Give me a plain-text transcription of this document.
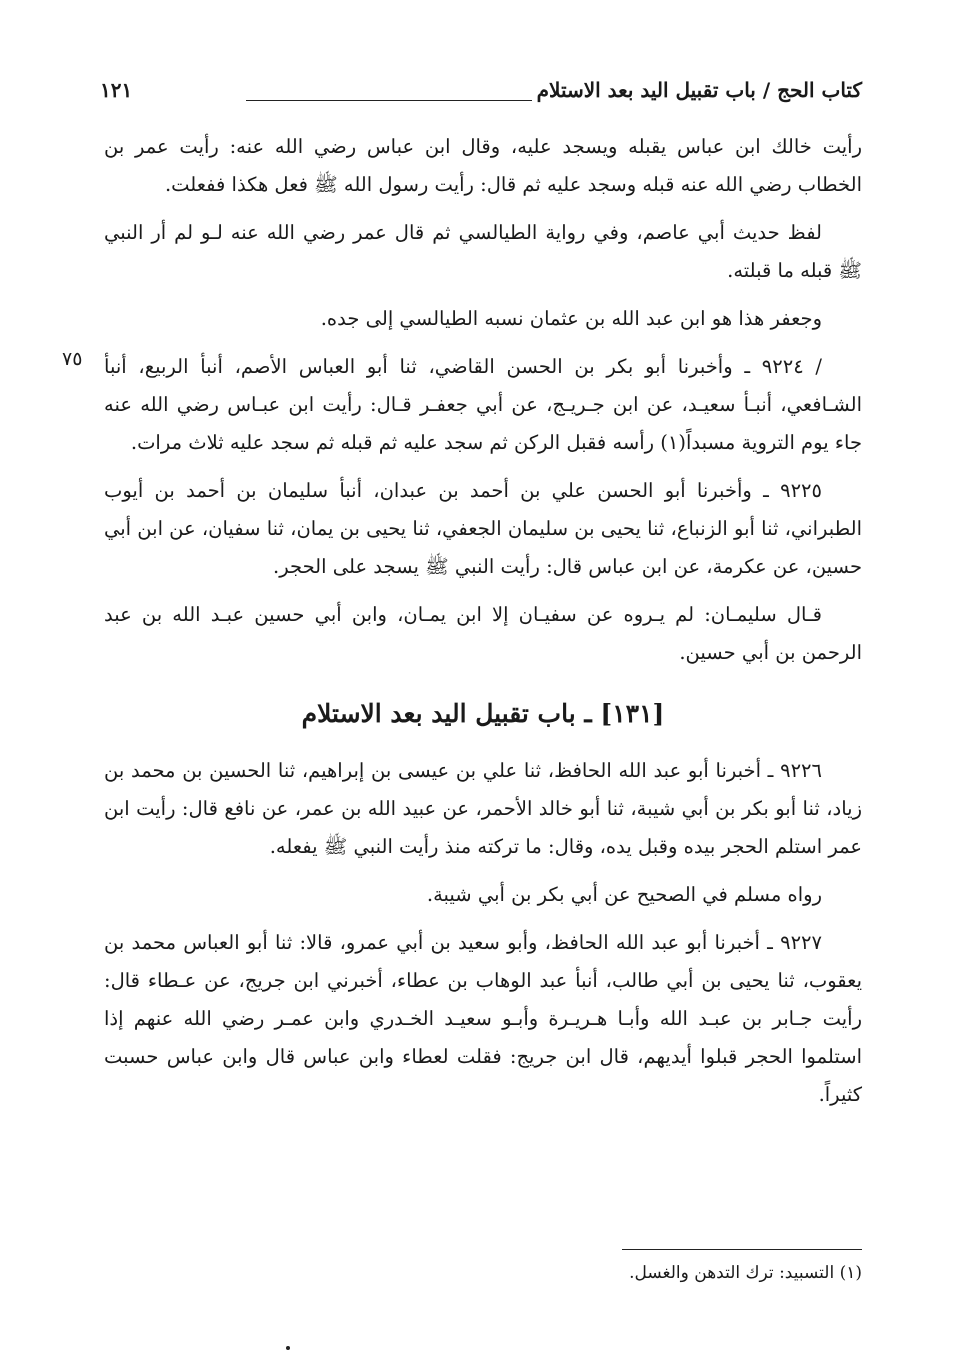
كتاب الحج / باب تقبيل اليد بعد الاستلام
١٢١

رأيت خالك ابن عباس يقبله ويسجد عليه، وقال ابن عباس رضي الله عنه: رأيت عمر بن الخطاب رضي الله عنه قبله وسجد عليه ثم قال: رأيت رسول الله ﷺ فعل هكذا ففعلت.

لفظ حديث أبي عاصم، وفي رواية الطيالسي ثم قال عمر رضي الله عنه لـو لم أر النبي ﷺ قبله ما قبلته.

وجعفر هذا هو ابن عبد الله بن عثمان نسبه الطيالسي إلى جده.

٧٥ / ٩٢٢٤ ـ وأخبرنا أبو بكر بن الحسن القاضي، ثنا أبو العباس الأصم، أنبأ الربيع، أنبأ الشـافعي، أنبـأ سعيـد، عن ابن جـريـج، عن أبي جعفـر قـال: رأيت ابن عبـاس رضي الله عنه جاء يوم التروية مسبداً(١) رأسه فقبل الركن ثم سجد عليه ثم قبله ثم سجد عليه ثلاث مرات.

٩٢٢٥ ـ وأخبرنا أبو الحسن علي بن أحمد بن عبدان، أنبأ سليمان بن أحمد بن أيوب الطبراني، ثنا أبو الزنباع، ثنا يحيى بن سليمان الجعفي، ثنا يحيى بن يمان، ثنا سفيان، عن ابن أبي حسين، عن عكرمة، عن ابن عباس قال: رأيت النبي ﷺ يسجد على الحجر.

قـال سليمـان: لم يـروه عن سفيـان إلا ابن يمـان، وابن أبي حسين عبـد الله بن عبد الرحمن بن أبي حسين.

[١٣١] ـ باب تقبيل اليد بعد الاستلام

٩٢٢٦ ـ أخبرنا أبو عبد الله الحافظ، ثنا علي بن عيسى بن إبراهيم، ثنا الحسين بن محمد بن زياد، ثنا أبو بكر بن أبي شيبة، ثنا أبو خالد الأحمر، عن عبيد الله بن عمر، عن نافع قال: رأيت ابن عمر استلم الحجر بيده وقبل يده، وقال: ما تركته منذ رأيت النبي ﷺ يفعله.

رواه مسلم في الصحيح عن أبي بكر بن أبي شيبة.

٩٢٢٧ ـ أخبرنا أبو عبد الله الحافظ، وأبو سعيد بن أبي عمرو، قالا: ثنا أبو العباس محمد بن يعقوب، ثنا يحيى بن أبي طالب، أنبأ عبد الوهاب بن عطاء، أخبرني ابن جريج، عن عـطاء قال: رأيت جـابر بن عبـد الله وأبـا هـريـرة وأبـو سعيـد الخـدري وابن عمـر رضي الله عنهم إذا استلموا الحجر قبلوا أيديهم، قال ابن جريج: فقلت لعطاء وابن عباس قال وابن عباس حسبت كثيراً.

(١) التسبيد: ترك التدهن والغسل.
